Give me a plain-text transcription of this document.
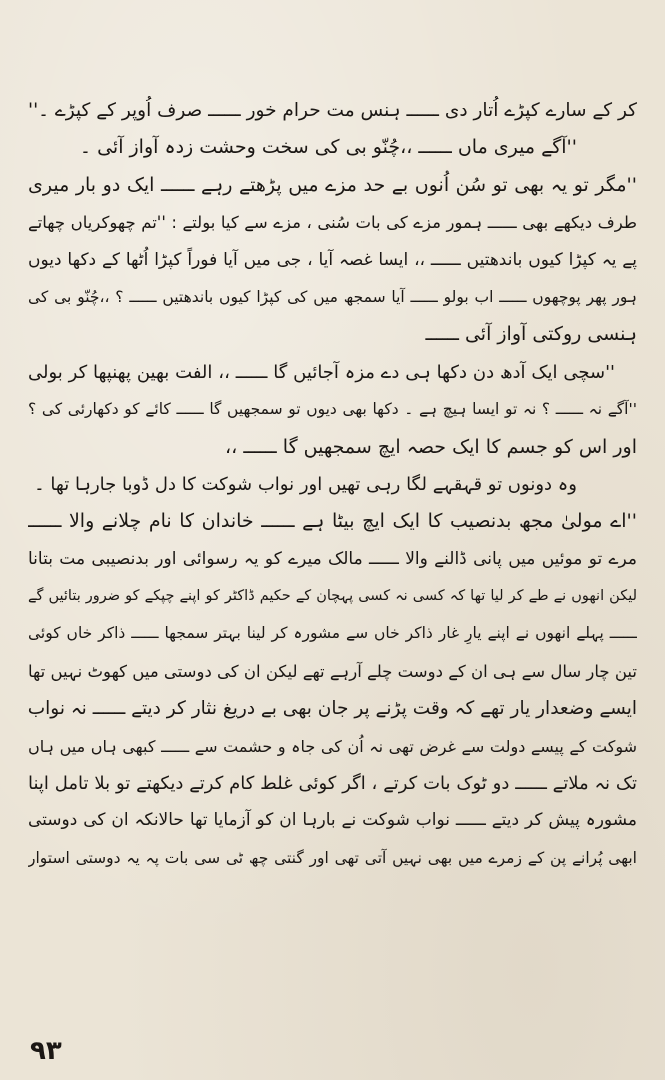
کر کے سارے کپڑے اُتار دی ــــــ ہنس مت حرام خور ــــــ صرف اُوپر کے کپڑے ۔''
''آگے میری ماں ــــــ ،،چُنّو بی کی سخت وحشت زدہ آواز آئی ۔
''مگر تو یہ بھی تو سُن اُنوں بے حد مزے میں پڑھتے رہے ــــــ ایک دو بار میری
طرف دیکھے بھی ــــــ ہمور مزے کی بات سُنی ، مزے سے کیا بولتے : ''تم چھوکریاں چھاتے
پے یہ کپڑا کیوں باندھتیں ــــــ ،، ایسا غصہ آیا ، جی میں آیا فوراً کپڑا اُٹھا کے دکھا دیوں
ہور پھر پوچھوں ــــــ اب بولو ــــــ آیا سمجھ میں کی کپڑا کیوں باندھتیں ــــــ ؟ ،،چُنّو بی کی
ہنسی روکتی آواز آئی ــــــ
''سچی ایک آدھ دن دکھا ہی دے مزہ آجائیں گا ــــــ ،، الفت بھین پھنپھا کر بولی
''آگے نہ ــــــ ؟ نہ تو ایسا ہیچ ہے ۔ دکھا بھی دیوں تو سمجھیں گا ــــــ کائے کو دکھارئی کی ؟
اور اس کو جسم کا ایک حصہ ایچ سمجھیں گا ــــــ ،،
وہ دونوں تو قہقہے لگا رہی تھیں اور نواب شوکت کا دل ڈوبا جارہا تھا ۔
''اے مولیٰ مجھ بدنصیب کا ایک ایچ بیٹا ہے ــــــ خاندان کا نام چلانے والا ــــــ
مرے تو موئیں میں پانی ڈالنے والا ــــــ مالک میرے کو یہ رسوائی اور بدنصیبی مت بتانا
لیکن انھوں نے طے کر لیا تھا کہ کسی نہ کسی پہچان کے حکیم ڈاکٹر کو اپنے چپکے کو ضرور بتائیں گے
ــــــ پہلے انھوں نے اپنے یارِ غار ذاکر خاں سے مشورہ کر لینا بہتر سمجھا ــــــ ذاکر خاں کوئی
تین چار سال سے ہی ان کے دوست چلے آرہے تھے لیکن ان کی دوستی میں کھوٹ نہیں تھا
ایسے وضعدار یار تھے کہ وقت پڑنے پر جان بھی بے دریغ نثار کر دیتے ــــــ نہ نواب
شوکت کے پیسے دولت سے غرض تھی نہ اُن کی جاہ و حشمت سے ــــــ کبھی ہاں میں ہاں
تک نہ ملاتے ــــــ دو ٹوک بات کرتے ، اگر کوئی غلط کام کرتے دیکھتے تو بلا تامل اپنا
مشورہ پیش کر دیتے ــــــ نواب شوکت نے بارہا ان کو آزمایا تھا حالانکہ ان کی دوستی
ابھی پُرانے پن کے زمرے میں بھی نہیں آتی تھی اور گنتی چھ ٹی سی بات پہ یہ دوستی استوار
۹۳
